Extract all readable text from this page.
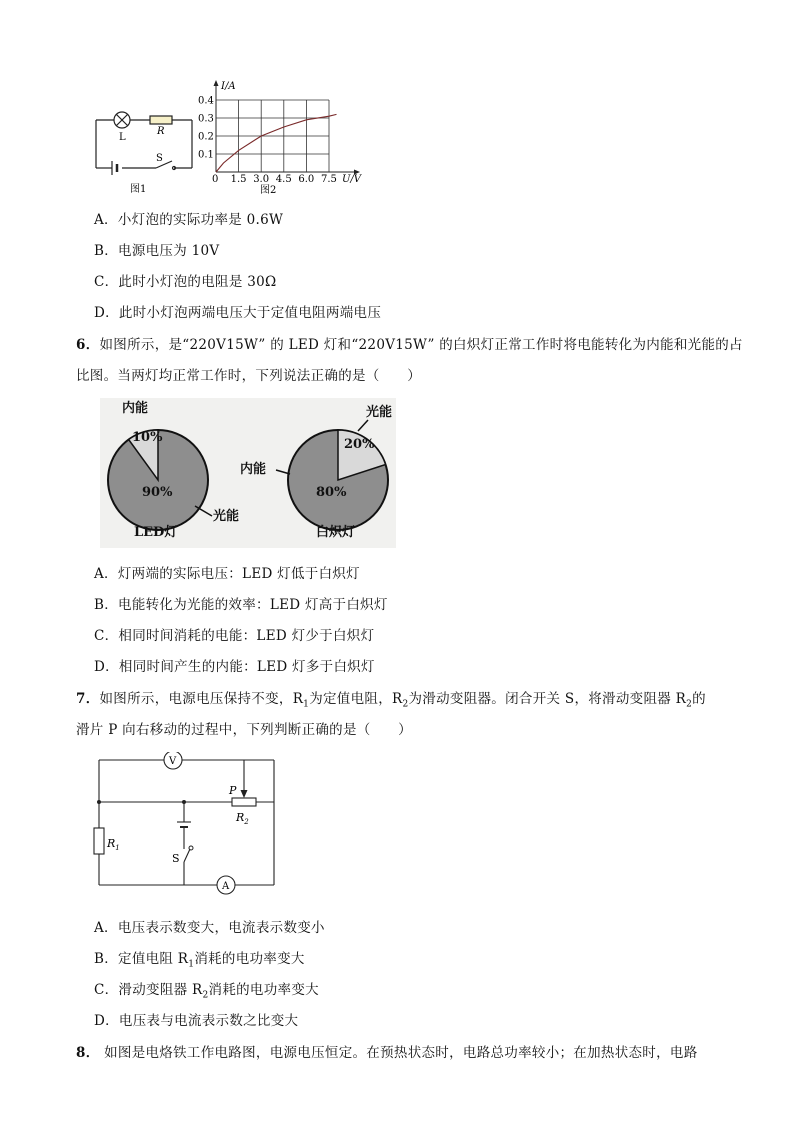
L
R
S
图1
0.1
0.2
0.3
0.4
1.5 3.0 4.5 6.0 7.5
I/A
U/V
0
图2
A．小灯泡的实际功率是 0.6W
B．电源电压为 10V
C．此时小灯泡的电阻是 30Ω
D．此时小灯泡两端电压大于定值电阻两端电压
6．如图所示，是“220V15W” 的 LED 灯和“220V15W” 的白炽灯正常工作时将电能转化为内能和光能的占
比图。当两灯均正常工作时，下列说法正确的是（　　）
内能
10%
90%
光能
LED灯
光能
20%
内能
80%
白炽灯
A．灯两端的实际电压：LED 灯低于白炽灯
B．电能转化为光能的效率：LED 灯高于白炽灯
C．相同时间消耗的电能：LED 灯少于白炽灯
D．相同时间产生的内能：LED 灯多于白炽灯
7．如图所示，电源电压保持不变，$R_1$为定值电阻，$R_2$为滑动变阻器。闭合开关 S，将滑动变阻器 $R_2$的
滑片 P 向右移动的过程中，下列判断正确的是（　　）
V
A
P
$R_2$
$R_1$
S
A．电压表示数变大，电流表示数变小
B．定值电阻 $R_1$消耗的电功率变大
C．滑动变阻器 $R_2$消耗的电功率变大
D．电压表与电流表示数之比变大
8． 如图是电烙铁工作电路图，电源电压恒定。在预热状态时，电路总功率较小；在加热状态时，电路
